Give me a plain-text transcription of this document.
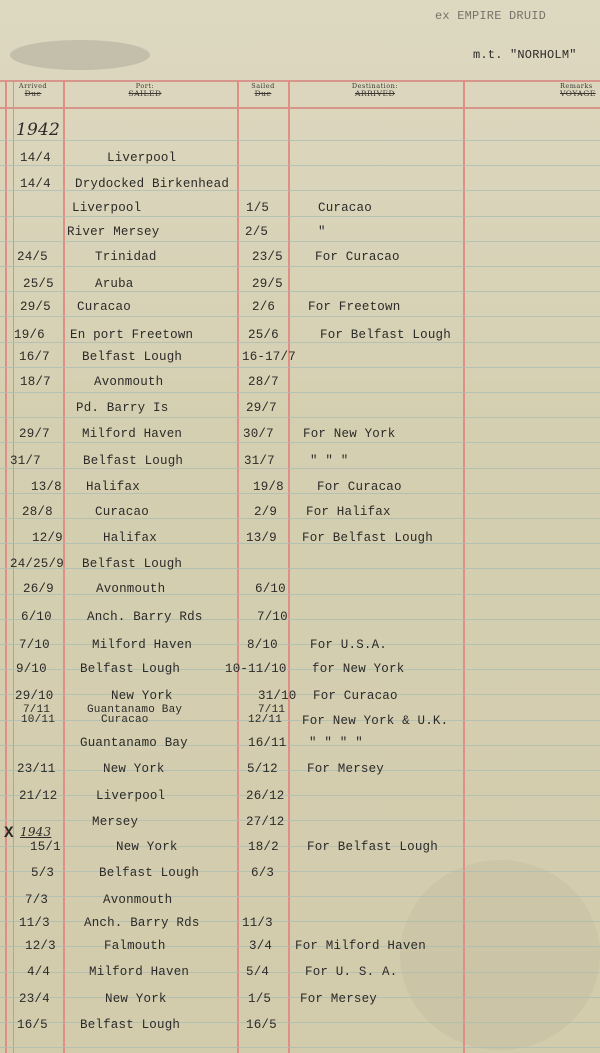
ex EMPIRE DRUID
m.t. "NORHOLM"
Arrived
Due
Port:
SAILED
Sailed
Due
Destination:
ARRIVED
Remarks
VOYAGE
1942
X 1943
14/4	Liverpool
14/4 Drydocked Birkenhead
Liverpool	1/5	Curacao
River Mersey	2/5	"
24/5	Trinidad	23/5	For Curacao
25/5	Aruba	29/5
29/5 Curacao	2/6	For Freetown
19/6 En port Freetown	25/6	For Belfast Lough
16/7	Belfast Lough	16-17/7
18/7	Avonmouth	28/7
Pd. Barry Is	29/7
29/7	Milford Haven	30/7 For New York
31/7	Belfast Lough	31/7	" " "
13/8 Halifax	19/8	For Curacao
28/8	Curacao	2/9 For Halifax
12/9	Halifax	13/9 For Belfast Lough
24/25/9 Belfast Lough
26/9	Avonmouth	6/10
6/10	Anch. Barry Rds	7/10
7/10	Milford Haven	8/10	For U.S.A.
9/10	Belfast Lough	10-11/10 for New York
29/10	New York	31/10 For Curacao
7/11	Guantanamo Bay	7/11
10/11	Curacao	12/11 For New York & U.K.
Guantanamo Bay	16/11 " " " "
23/11	New York	5/12 For Mersey
21/12	Liverpool	26/12
Mersey	27/12
15/1	New York	18/2 For Belfast Lough
5/3	Belfast Lough	6/3
7/3	Avonmouth
11/3	Anch. Barry Rds	11/3
12/3	Falmouth	3/4 For Milford Haven
4/4	Milford Haven	5/4	For U. S. A.
23/4	New York	1/5 For Mersey
16/5	Belfast Lough	16/5
